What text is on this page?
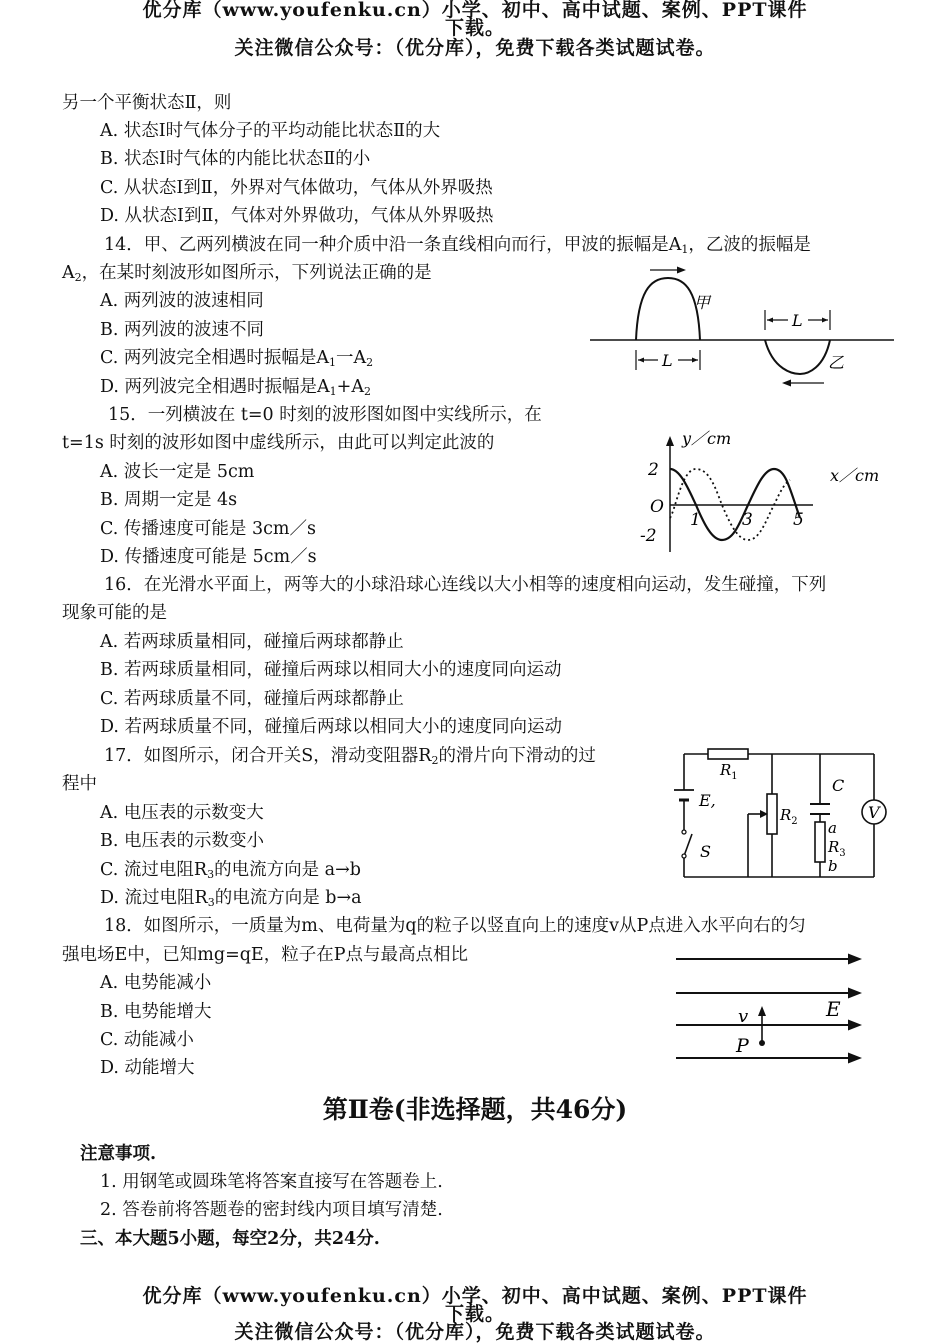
优分库（www.youfenku.cn）小学、初中、高中试题、案例、PPT课件
下载。
关注微信公众号：（优分库），免费下载各类试题试卷。
另一个平衡状态Ⅱ，则
A. 状态Ⅰ时气体分子的平均动能比状态Ⅱ的大
B. 状态Ⅰ时气体的内能比状态Ⅱ的小
C. 从状态Ⅰ到Ⅱ，外界对气体做功，气体从外界吸热
D. 从状态Ⅰ到Ⅱ，气体对外界做功，气体从外界吸热
14．甲、乙两列横波在同一种介质中沿一条直线相向而行，甲波的振幅是$A_1$，乙波的振幅是
$A_2$，在某时刻波形如图所示，下列说法正确的是
A. 两列波的波速相同
B. 两列波的波速不同
C. 两列波完全相遇时振幅是$A_1$一$A_2$
D. 两列波完全相遇时振幅是$A_1+A_2$
甲
乙
L
L
15．一列横波在 t=0 时刻的波形图如图中实线所示，在
t=1s 时刻的波形如图中虚线所示，由此可以判定此波的
A. 波长一定是 5cm
B. 周期一定是 4s
C. 传播速度可能是 3cm／s
D. 传播速度可能是 5cm／s
y／cm
x／cm
2
-2
O
1 3 5
16．在光滑水平面上，两等大的小球沿球心连线以大小相等的速度相向运动，发生碰撞，下列
现象可能的是
A. 若两球质量相同，碰撞后两球都静止
B. 若两球质量相同，碰撞后两球以相同大小的速度同向运动
C. 若两球质量不同，碰撞后两球都静止
D. 若两球质量不同，碰撞后两球以相同大小的速度同向运动
17．如图所示，闭合开关S，滑动变阻器$R_2$的滑片向下滑动的过
程中
A. 电压表的示数变大
B. 电压表的示数变小
C. 流过电阻$R_3$的电流方向是 a→b
D. 流过电阻$R_3$的电流方向是 b→a
V
$R_1$
$R_2$
$R_3$
C
a
b
E,
S
18．如图所示，一质量为m、电荷量为q的粒子以竖直向上的速度v从P点进入水平向右的匀
强电场E中，已知mg=qE，粒子在P点与最高点相比
A. 电势能减小
B. 电势能增大
C. 动能减小
D. 动能增大
v	E
P
第Ⅱ卷(非选择题，共46分)
注意事项.
1. 用钢笔或圆珠笔将答案直接写在答题卷上.
2. 答卷前将答题卷的密封线内项目填写清楚.
三、本大题5小题，每空2分，共24分.
优分库（www.youfenku.cn）小学、初中、高中试题、案例、PPT课件
下载。
关注微信公众号：（优分库），免费下载各类试题试卷。
